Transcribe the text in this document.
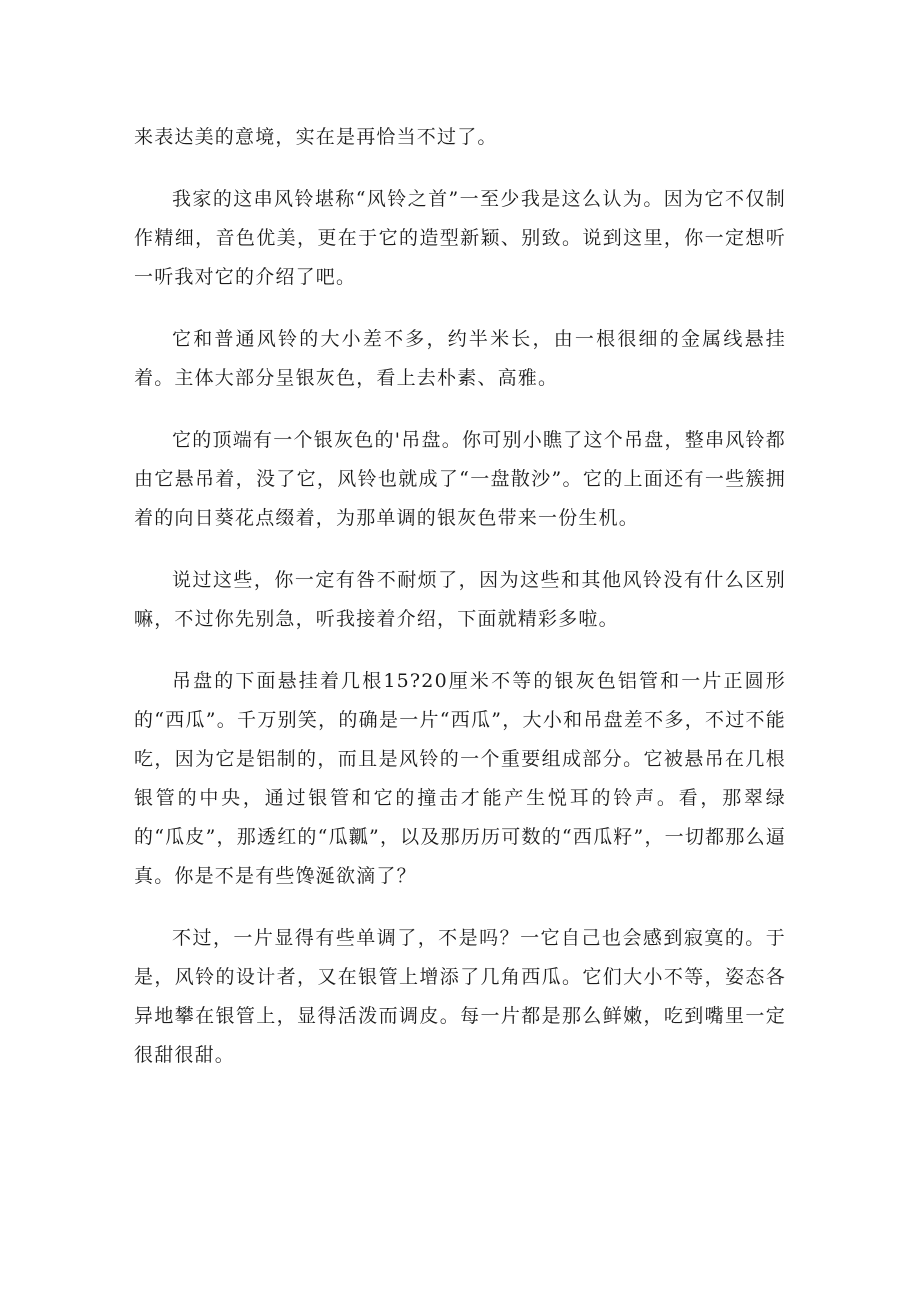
来表达美的意境，实在是再恰当不过了。

我家的这串风铃堪称“风铃之首”一至少我是这么认为。因为它不仅制作精细，音色优美，更在于它的造型新颖、别致。说到这里，你一定想听一听我对它的介绍了吧。

它和普通风铃的大小差不多，约半米长，由一根很细的金属线悬挂着。主体大部分呈银灰色，看上去朴素、高雅。

它的顶端有一个银灰色的'吊盘。你可别小瞧了这个吊盘，整串风铃都由它悬吊着，没了它，风铃也就成了“一盘散沙”。它的上面还有一些簇拥着的向日葵花点缀着，为那单调的银灰色带来一份生机。

说过这些，你一定有咎不耐烦了，因为这些和其他风铃没有什么区别嘛，不过你先别急，听我接着介绍，下面就精彩多啦。

吊盘的下面悬挂着几根15?20厘米不等的银灰色铝管和一片正圆形的“西瓜”。千万别笑，的确是一片“西瓜”，大小和吊盘差不多，不过不能吃，因为它是铝制的，而且是风铃的一个重要组成部分。它被悬吊在几根银管的中央，通过银管和它的撞击才能产生悦耳的铃声。看，那翠绿的“瓜皮”，那透红的“瓜瓤”，以及那历历可数的“西瓜籽”，一切都那么逼真。你是不是有些馋涎欲滴了？

不过，一片显得有些单调了，不是吗？一它自己也会感到寂寞的。于是，风铃的设计者，又在银管上增添了几角西瓜。它们大小不等，姿态各异地攀在银管上，显得活泼而调皮。每一片都是那么鲜嫩，吃到嘴里一定很甜很甜。
